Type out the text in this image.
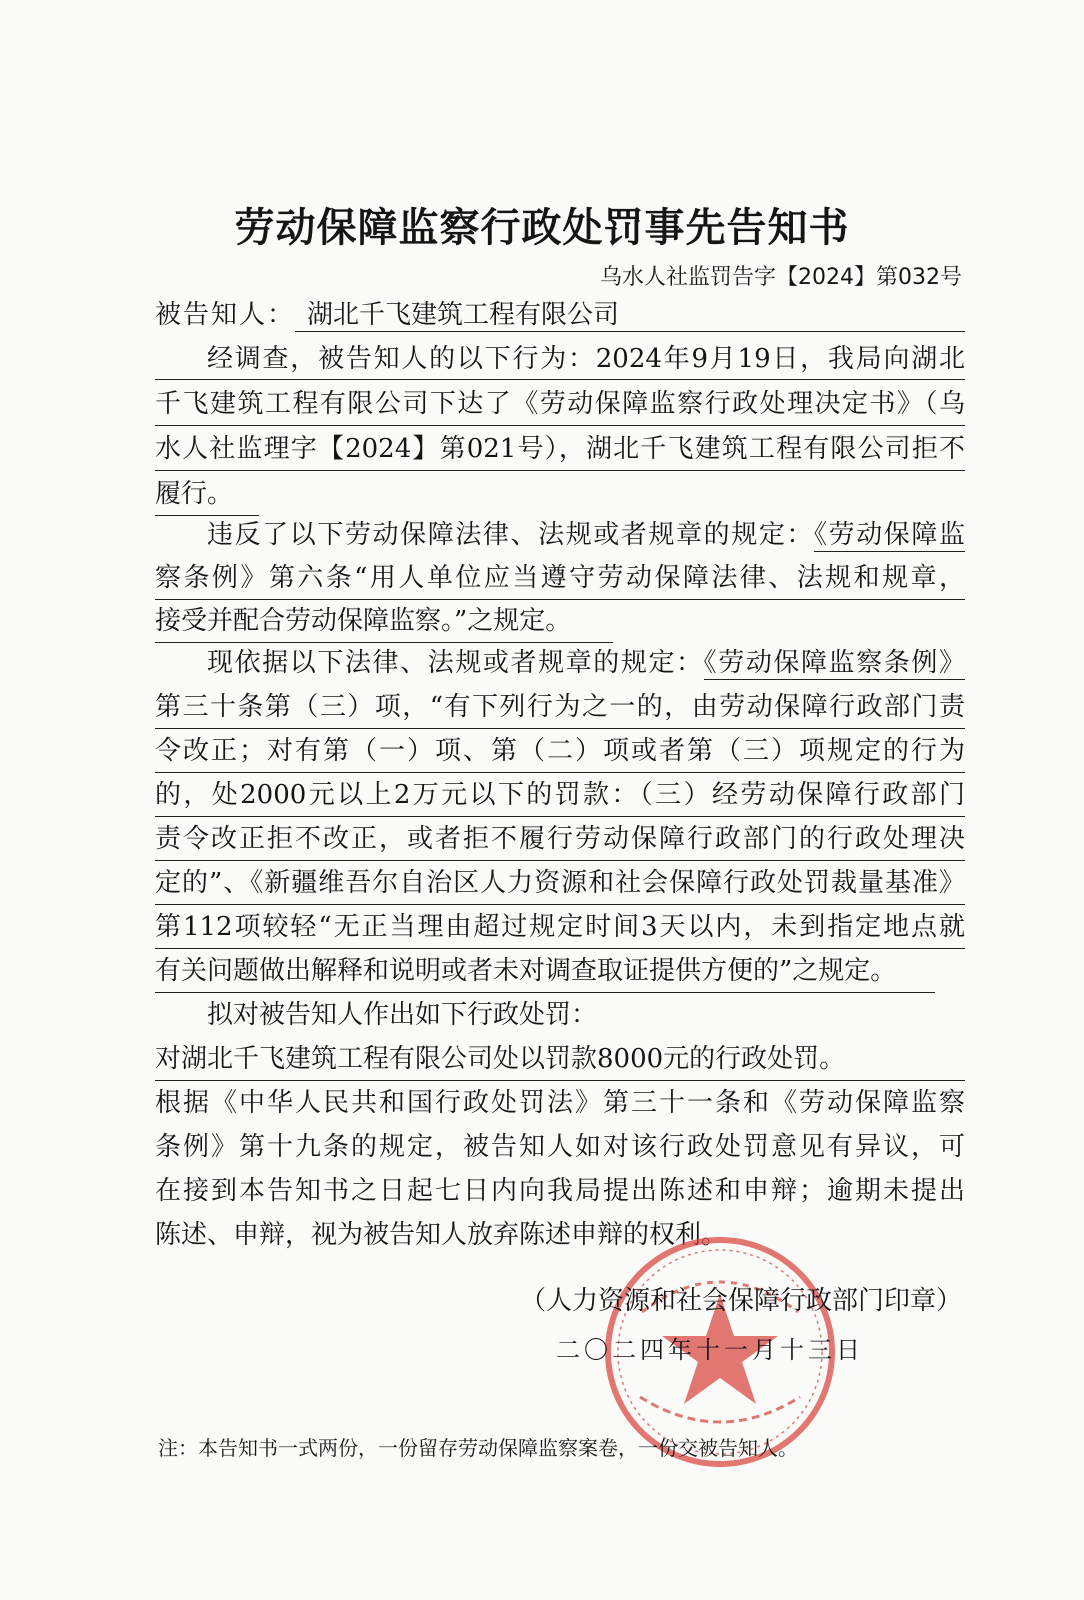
劳动保障监察行政处罚事先告知书
乌水人社监罚告字【2024】第032号
被告知人： 湖北千飞建筑工程有限公司
经调查，被告知人的以下行为：2024年9月19日，我局向湖北
千飞建筑工程有限公司下达了《劳动保障监察行政处理决定书》（乌
水人社监理字【2024】第021号），湖北千飞建筑工程有限公司拒不
履行。
违反了以下劳动保障法律、法规或者规章的规定：《劳动保障监
察条例》第六条“用人单位应当遵守劳动保障法律、法规和规章，
接受并配合劳动保障监察。”之规定。
现依据以下法律、法规或者规章的规定：《劳动保障监察条例》
第三十条第（三）项，“有下列行为之一的，由劳动保障行政部门责
令改正；对有第（一）项、第（二）项或者第（三）项规定的行为
的，处2000元以上2万元以下的罚款：（三）经劳动保障行政部门
责令改正拒不改正，或者拒不履行劳动保障行政部门的行政处理决
定的”、《新疆维吾尔自治区人力资源和社会保障行政处罚裁量基准》
第112项较轻“无正当理由超过规定时间3天以内，未到指定地点就
有关问题做出解释和说明或者未对调查取证提供方便的”之规定。
拟对被告知人作出如下行政处罚：
对湖北千飞建筑工程有限公司处以罚款8000元的行政处罚。
根据《中华人民共和国行政处罚法》第三十一条和《劳动保障监察
条例》第十九条的规定，被告知人如对该行政处罚意见有异议，可
在接到本告知书之日起七日内向我局提出陈述和申辩；逾期未提出
陈述、申辩，视为被告知人放弃陈述申辩的权利。
（人力资源和社会保障行政部门印章）
二〇二四年十一月十三日
注：本告知书一式两份，一份留存劳动保障监察案卷，一份交被告知人。
